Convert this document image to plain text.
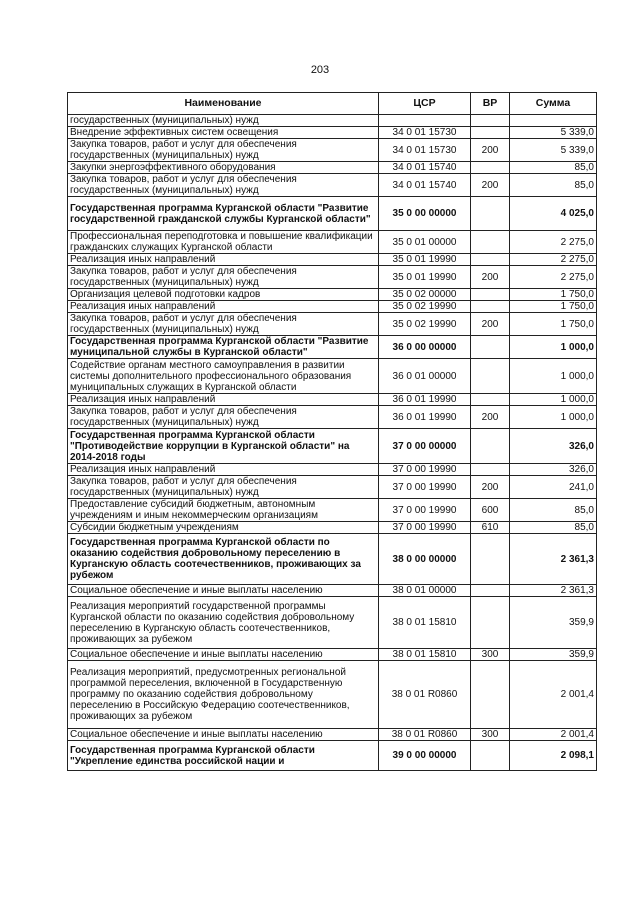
203
Наименование	ЦСР	ВР	Сумма
государственных (муниципальных) нужд			
Внедрение эффективных систем освещения	34 0 01 15730		5 339,0
Закупка товаров, работ и услуг для обеспечения государственных (муниципальных) нужд	34 0 01 15730	200	5 339,0
Закупки энергоэффективного оборудования	34 0 01 15740		85,0
Закупка товаров, работ и услуг для обеспечения государственных (муниципальных) нужд	34 0 01 15740	200	85,0
Государственная программа Курганской области "Развитие государственной гражданской службы Курганской области"	35 0 00 00000		4 025,0
Профессиональная переподготовка и повышение квалификации гражданских служащих Курганской области	35 0 01 00000		2 275,0
Реализация иных направлений	35 0 01 19990		2 275,0
Закупка товаров, работ и услуг для обеспечения государственных (муниципальных) нужд	35 0 01 19990	200	2 275,0
Организация целевой подготовки кадров	35 0 02 00000		1 750,0
Реализация иных направлений	35 0 02 19990		1 750,0
Закупка товаров, работ и услуг для обеспечения государственных (муниципальных) нужд	35 0 02 19990	200	1 750,0
Государственная программа Курганской области "Развитие муниципальной службы в Курганской области"	36 0 00 00000		1 000,0
Содействие органам местного самоуправления в развитии системы дополнительного профессионального образования муниципальных служащих в Курганской области	36 0 01 00000		1 000,0
Реализация иных направлений	36 0 01 19990		1 000,0
Закупка товаров, работ и услуг для обеспечения государственных (муниципальных) нужд	36 0 01 19990	200	1 000,0
Государственная программа Курганской области "Противодействие коррупции в Курганской области" на 2014-2018 годы	37 0 00 00000		326,0
Реализация иных направлений	37 0 00 19990		326,0
Закупка товаров, работ и услуг для обеспечения государственных (муниципальных) нужд	37 0 00 19990	200	241,0
Предоставление субсидий бюджетным, автономным учреждениям и иным некоммерческим организациям	37 0 00 19990	600	85,0
Субсидии бюджетным учреждениям	37 0 00 19990	610	85,0
Государственная программа Курганской области по оказанию содействия добровольному переселению в Курганскую область соотечественников, проживающих за рубежом	38 0 00 00000		2 361,3
Социальное обеспечение и иные выплаты населению	38 0 01 00000		2 361,3
Реализация мероприятий государственной программы Курганской области по оказанию содействия добровольному переселению в Курганскую область соотечественников, проживающих за рубежом	38 0 01 15810		359,9
Социальное обеспечение и иные выплаты населению	38 0 01 15810	300	359,9
Реализация мероприятий, предусмотренных региональной программой переселения, включенной в Государственную программу по оказанию содействия добровольному переселению в Российскую Федерацию соотечественников, проживающих за рубежом	38 0 01 R0860		2 001,4
Социальное обеспечение и иные выплаты населению	38 0 01 R0860	300	2 001,4
Государственная программа Курганской области "Укрепление единства российской нации и	39 0 00 00000		2 098,1
